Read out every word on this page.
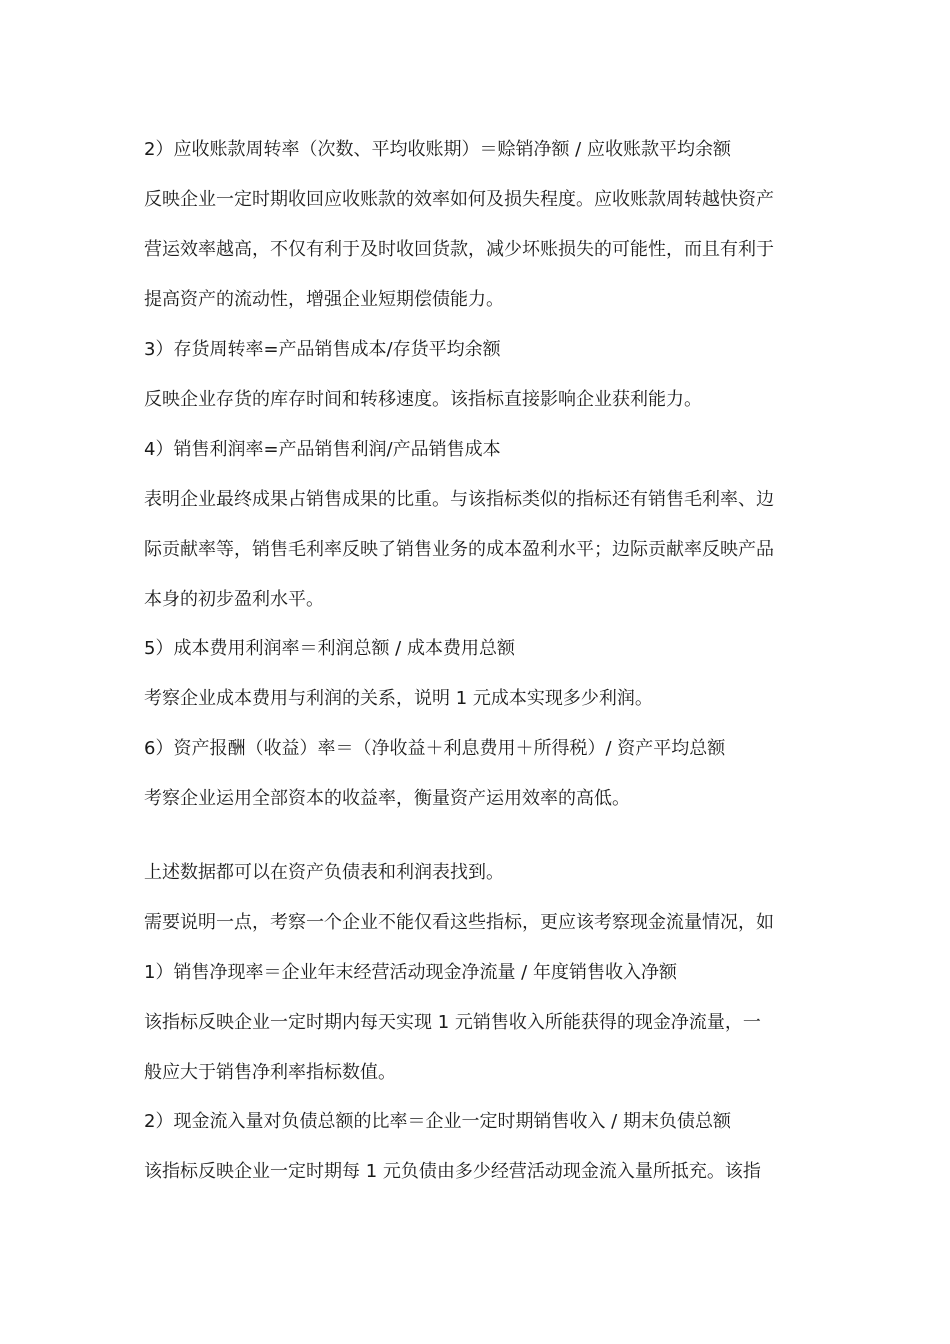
2）应收账款周转率（次数、平均收账期）＝赊销净额 / 应收账款平均余额
反映企业一定时期收回应收账款的效率如何及损失程度。应收账款周转越快资产
营运效率越高，不仅有利于及时收回货款，减少坏账损失的可能性，而且有利于
提高资产的流动性，增强企业短期偿债能力。
3）存货周转率=产品销售成本/存货平均余额
反映企业存货的库存时间和转移速度。该指标直接影响企业获利能力。
4）销售利润率=产品销售利润/产品销售成本
表明企业最终成果占销售成果的比重。与该指标类似的指标还有销售毛利率、边
际贡献率等，销售毛利率反映了销售业务的成本盈利水平；边际贡献率反映产品
本身的初步盈利水平。
5）成本费用利润率＝利润总额 / 成本费用总额
考察企业成本费用与利润的关系，说明 1 元成本实现多少利润。
6）资产报酬（收益）率＝（净收益＋利息费用＋所得税）/ 资产平均总额
考察企业运用全部资本的收益率，衡量资产运用效率的高低。
上述数据都可以在资产负债表和利润表找到。
需要说明一点，考察一个企业不能仅看这些指标，更应该考察现金流量情况，如
1）销售净现率＝企业年末经营活动现金净流量 / 年度销售收入净额
该指标反映企业一定时期内每天实现 1 元销售收入所能获得的现金净流量，一
般应大于销售净利率指标数值。
2）现金流入量对负债总额的比率＝企业一定时期销售收入 / 期末负债总额
该指标反映企业一定时期每 1 元负债由多少经营活动现金流入量所抵充。该指
